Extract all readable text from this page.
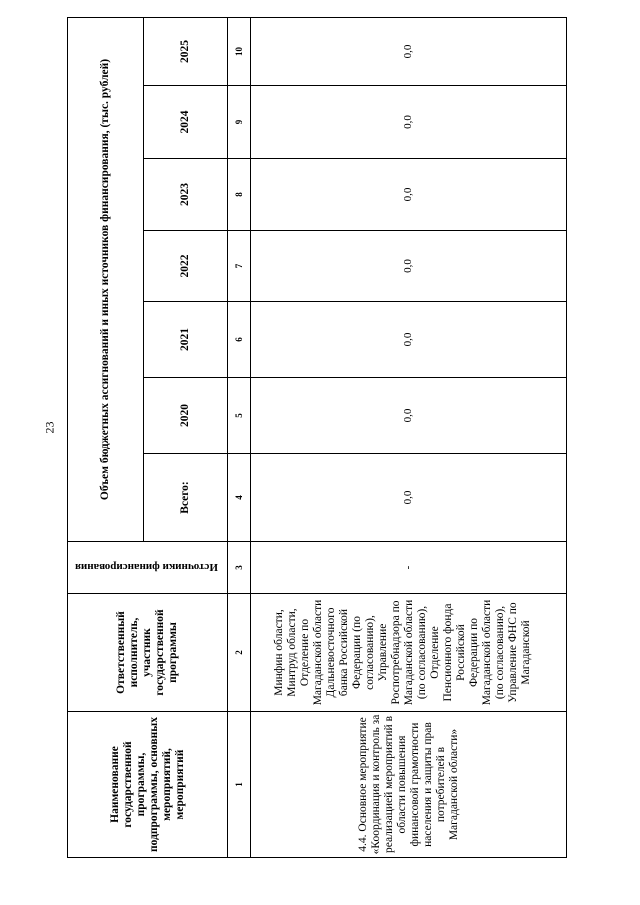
23
Наименование государственной программы, подпрограммы, основных мероприятий, мероприятий	Ответственный исполнитель, участник государственной программы	Источники финансирования	Объем бюджетных ассигнований и иных источников финансирования, (тыс. рублей)						
			Всего:	2020	2021	2022	2023	2024	2025
1	2	3	4	5	6	7	8	9	10
4.4. Основное мероприятие «Координация и контроль за реализацией мероприятий в области повышения финансовой грамотности населения и защиты прав потребителей в Магаданской области»	Минфин области, Минтруд области, Отделение по Магаданской области Дальневосточного банка Российской Федерации (по согласованию), Управление Роспотребнадзора по Магаданской области (по согласованию), Отделение Пенсионного фонда Российской Федерации по Магаданской области (по согласованию), Управление ФНС по Магаданской	-	0,0	0,0	0,0	0,0	0,0	0,0	0,0
